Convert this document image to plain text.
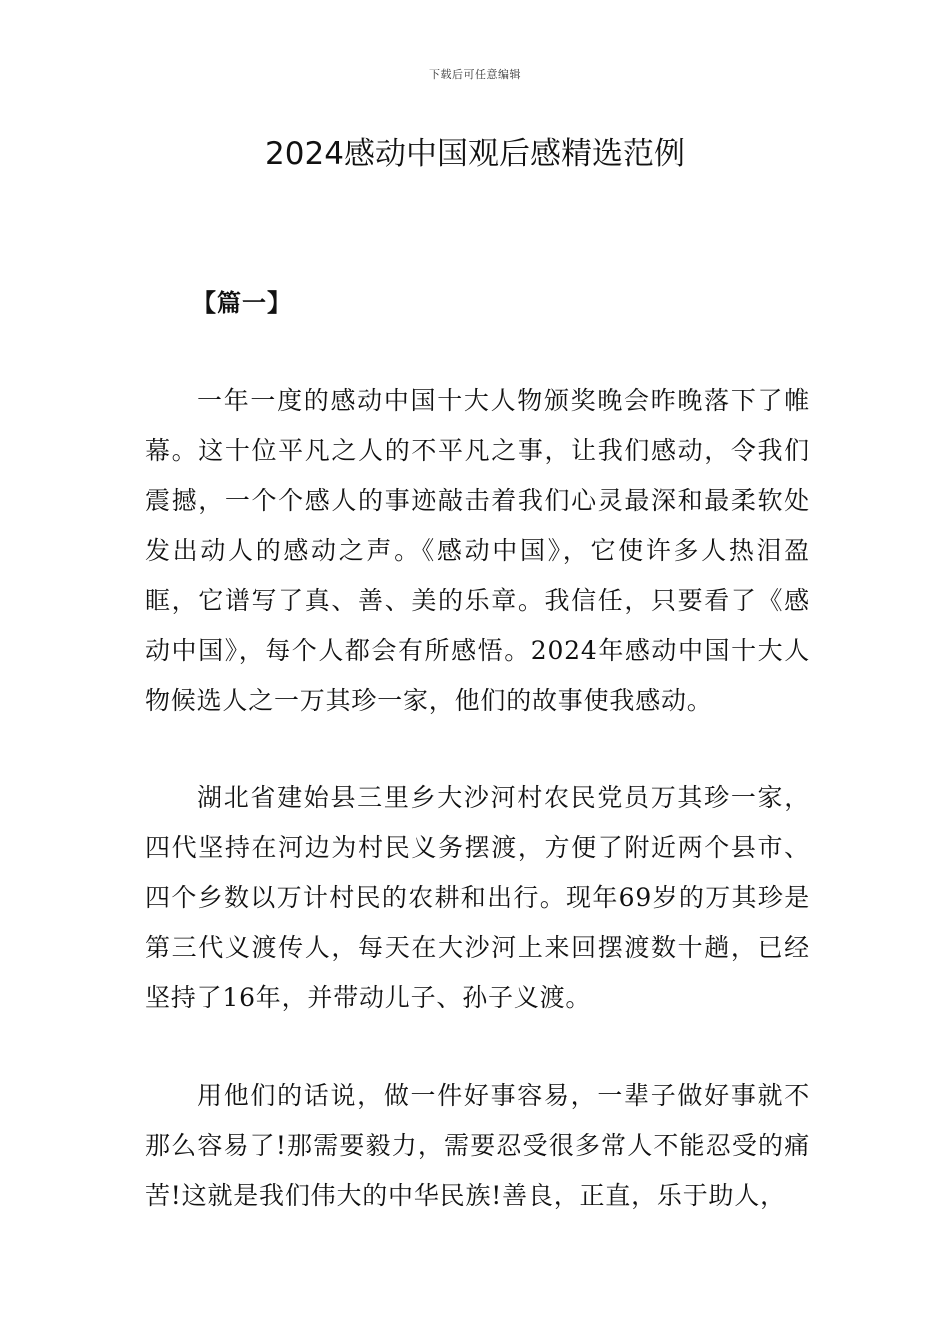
下载后可任意编辑
2024感动中国观后感精选范例
【篇一】

一年一度的感动中国十大人物颁奖晚会昨晚落下了帷幕。这十位平凡之人的不平凡之事，让我们感动，令我们震撼，一个个感人的事迹敲击着我们心灵最深和最柔软处发出动人的感动之声。《感动中国》，它使许多人热泪盈眶，它谱写了真、善、美的乐章。我信任，只要看了《感动中国》，每个人都会有所感悟。2024年感动中国十大人物候选人之一万其珍一家，他们的故事使我感动。

湖北省建始县三里乡大沙河村农民党员万其珍一家，四代坚持在河边为村民义务摆渡，方便了附近两个县市、四个乡数以万计村民的农耕和出行。现年69岁的万其珍是第三代义渡传人，每天在大沙河上来回摆渡数十趟，已经坚持了16年，并带动儿子、孙子义渡。

用他们的话说，做一件好事容易，一辈子做好事就不那么容易了!那需要毅力，需要忍受很多常人不能忍受的痛苦!这就是我们伟大的中华民族!善良，正直，乐于助人，
